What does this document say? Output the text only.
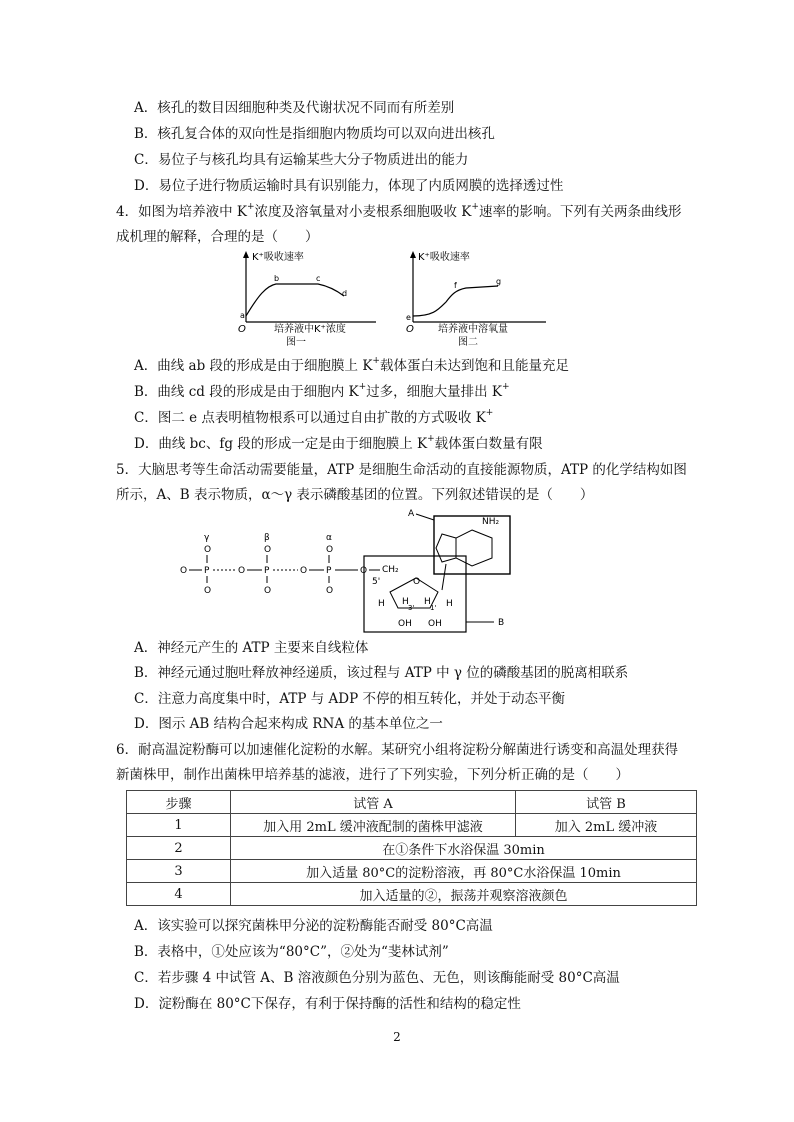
A．核孔的数目因细胞种类及代谢状况不同而有所差别
B．核孔复合体的双向性是指细胞内物质均可以双向进出核孔
C．易位子与核孔均具有运输某些大分子物质进出的能力
D．易位子进行物质运输时具有识别能力，体现了内质网膜的选择透过性
4．如图为培养液中 K+浓度及溶氧量对小麦根系细胞吸收 K+速率的影响。下列有关两条曲线形
成机理的解释，合理的是（　　）
K⁺吸收速率
O
a
b	c
d
培养液中K⁺浓度
图一
K⁺吸收速率
O
e
f	g
培养液中溶氧量
图二
A．曲线 ab 段的形成是由于细胞膜上 K+载体蛋白未达到饱和且能量充足
B．曲线 cd 段的形成是由于细胞内 K+过多，细胞大量排出 K+
C．图二 e 点表明植物根系可以通过自由扩散的方式吸收 K+
D．曲线 bc、fg 段的形成一定是由于细胞膜上 K+载体蛋白数量有限
5．大脑思考等生命活动需要能量，ATP 是细胞生命活动的直接能源物质，ATP 的化学结构如图
所示，A、B 表示物质，α～γ 表示磷酸基团的位置。下列叙述错误的是（　　）
γ	β	α
O	O	O
O P	O P	O P	O
O	O	O
CH₂
5'	O
H	H
H
3'
H
1'
OH OH	B
A
NH₂
A．神经元产生的 ATP 主要来自线粒体
B．神经元通过胞吐释放神经递质，该过程与 ATP 中 γ 位的磷酸基团的脱离相联系
C．注意力高度集中时，ATP 与 ADP 不停的相互转化，并处于动态平衡
D．图示 AB 结构合起来构成 RNA 的基本单位之一
6．耐高温淀粉酶可以加速催化淀粉的水解。某研究小组将淀粉分解菌进行诱变和高温处理获得
新菌株甲，制作出菌株甲培养基的滤液，进行了下列实验，下列分析正确的是（　　）
步骤	试管 A	试管 B
1	加入用 2mL 缓冲液配制的菌株甲滤液	加入 2mL 缓冲液
2	在①条件下水浴保温 30min	
3	加入适量 80°C的淀粉溶液，再 80°C水浴保温 10min	
4	加入适量的②，振荡并观察溶液颜色	
A．该实验可以探究菌株甲分泌的淀粉酶能否耐受 80°C高温
B．表格中，①处应该为“80°C”，②处为“斐林试剂”
C．若步骤 4 中试管 A、B 溶液颜色分别为蓝色、无色，则该酶能耐受 80°C高温
D．淀粉酶在 80°C下保存，有利于保持酶的活性和结构的稳定性
2
